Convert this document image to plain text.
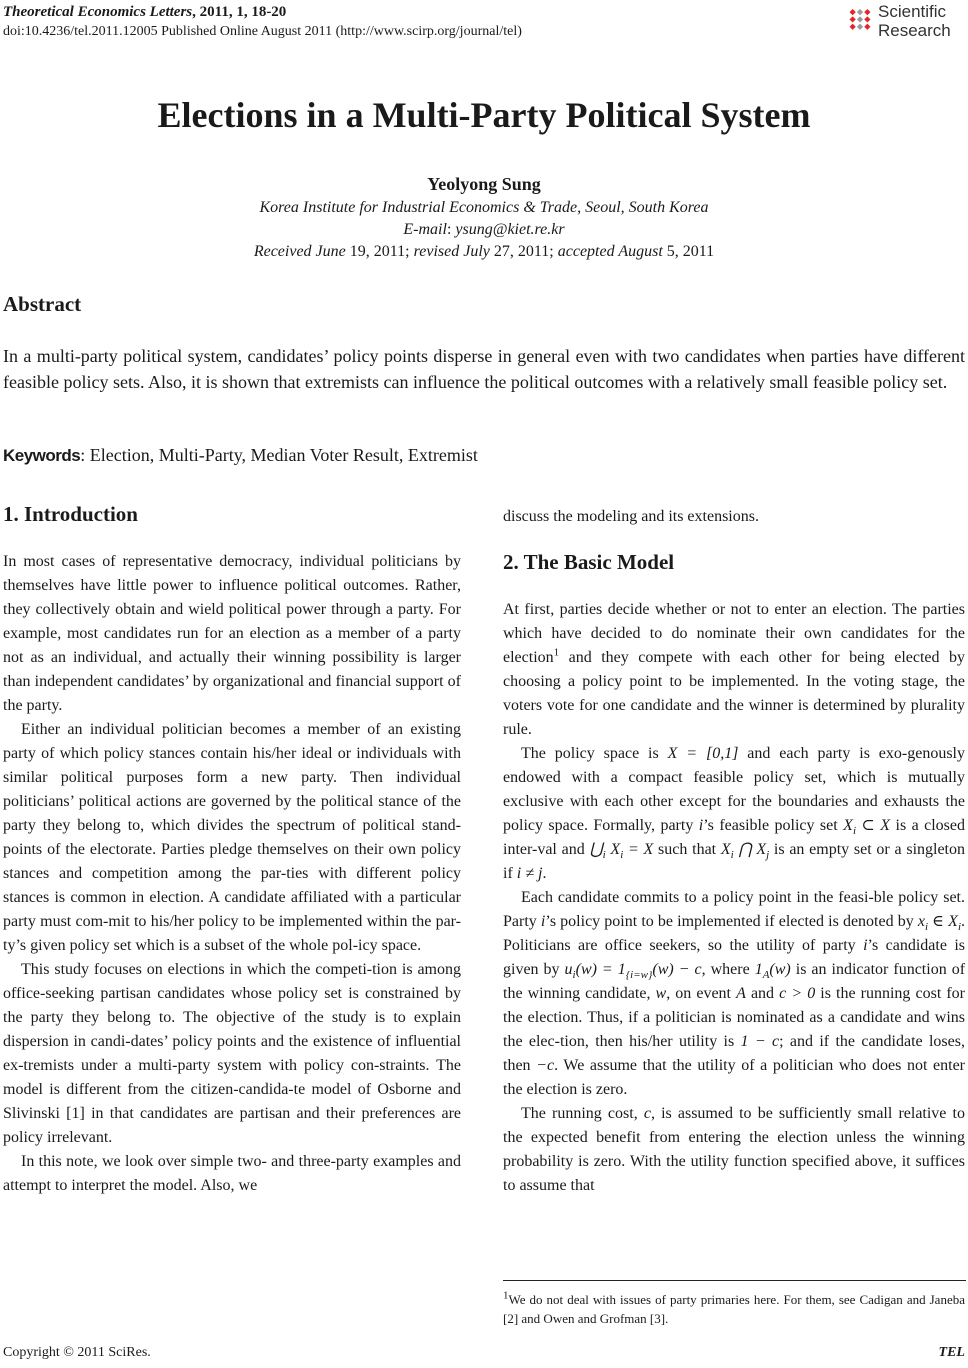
Theoretical Economics Letters, 2011, 1, 18-20
doi:10.4236/tel.2011.12005 Published Online August 2011 (http://www.scirp.org/journal/tel)
Scientific
Research
Elections in a Multi-Party Political System
Yeolyong Sung
Korea Institute for Industrial Economics & Trade, Seoul, South Korea
E-mail: ysung@kiet.re.kr
Received June 19, 2011; revised July 27, 2011; accepted August 5, 2011
Abstract

In a multi-party political system, candidates’ policy points disperse in general even with two candidates when parties have different feasible policy sets. Also, it is shown that extremists can influence the political outcomes with a relatively small feasible policy set.

Keywords: Election, Multi-Party, Median Voter Result, Extremist
1. Introduction

In most cases of representative democracy, individual politicians by themselves have little power to influence political outcomes. Rather, they collectively obtain and wield political power through a party. For example, most candidates run for an election as a member of a party not as an individual, and actually their winning possibility is larger than independent candidates’ by organizational and financial support of the party.

Either an individual politician becomes a member of an existing party of which policy stances contain his/her ideal or individuals with similar political purposes form a new party. Then individual politicians’ political actions are governed by the political stance of the party they belong to, which divides the spectrum of political stand-points of the electorate. Parties pledge themselves on their own policy stances and competition among the par-ties with different policy stances is common in election. A candidate affiliated with a particular party must com-mit to his/her policy to be implemented within the par-ty’s given policy set which is a subset of the whole pol-icy space.

This study focuses on elections in which the competi-tion is among office-seeking partisan candidates whose policy set is constrained by the party they belong to. The objective of the study is to explain dispersion in candi-dates’ policy points and the existence of influential ex-tremists under a multi-party system with policy con-straints. The model is different from the citizen-candida-te model of Osborne and Slivinski [1] in that candidates are partisan and their preferences are policy irrelevant.

In this note, we look over simple two- and three-party examples and attempt to interpret the model. Also, we

discuss the modeling and its extensions.
2. The Basic Model

At first, parties decide whether or not to enter an election. The parties which have decided to do nominate their own candidates for the election$^1$ and they compete with each other for being elected by choosing a policy point to be implemented. In the voting stage, the voters vote for one candidate and the winner is determined by plurality rule.

The policy space is X = [0,1] and each party is exo-genously endowed with a compact feasible policy set, which is mutually exclusive with each other except for the boundaries and exhausts the policy space. Formally, party i’s feasible policy set $X_i$ ⊂ X is a closed inter-val and $⋃_i$ $X_i = X$ such that $X_i$ ⋂ $X_j$ is an empty set or a singleton if i ≠ j.

Each candidate commits to a policy point in the feasi-ble policy set. Party i’s policy point to be implemented if elected is denoted by $x_i$ ∈ $X_i$. Politicians are office seekers, so the utility of party i’s candidate is given by $u_i(w) = 1_{\{i=w\}}(w) - c$, where $1_A(w)$ is an indicator function of the winning candidate, w, on event A and c > 0 is the running cost for the election. Thus, if a politician is nominated as a candidate and wins the elec-tion, then his/her utility is 1 − c; and if the candidate loses, then −c. We assume that the utility of a politician who does not enter the election is zero.

The running cost, c, is assumed to be sufficiently small relative to the expected benefit from entering the election unless the winning probability is zero. With the utility function specified above, it suffices to assume that

$^1$We do not deal with issues of party primaries here. For them, see Cadigan and Janeba [2] and Owen and Grofman [3].

Copyright © 2011 SciRes.	TEL
